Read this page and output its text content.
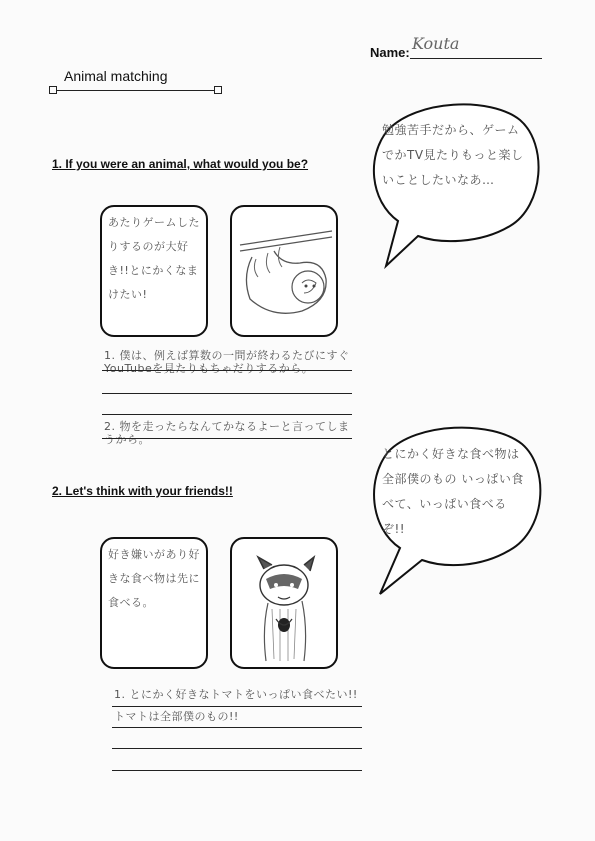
Name: Kouta
Animal matching
1. If you were an animal, what would you be?
あたりゲームしたりするのが大好き!!とにかくなまけたい!
1. 僕は、例えば算数の一問が終わるたびにすぐYouTubeを見たりもちゃだりするから。
2. 物を走ったらなんてかなるよーと言ってしまうから。
勉強苦手だから、ゲームでかTV見たりもっと楽しいことしたいなあ…
2. Let's think with your friends!!
好き嫌いがあり好きな食べ物は先に食べる。
1. とにかく好きなトマトをいっぱい食べたい!! トマトは全部僕のもの!!
とにかく好きな食べ物は全部僕のもの いっぱい食べて、いっぱい食べるぞ!!
